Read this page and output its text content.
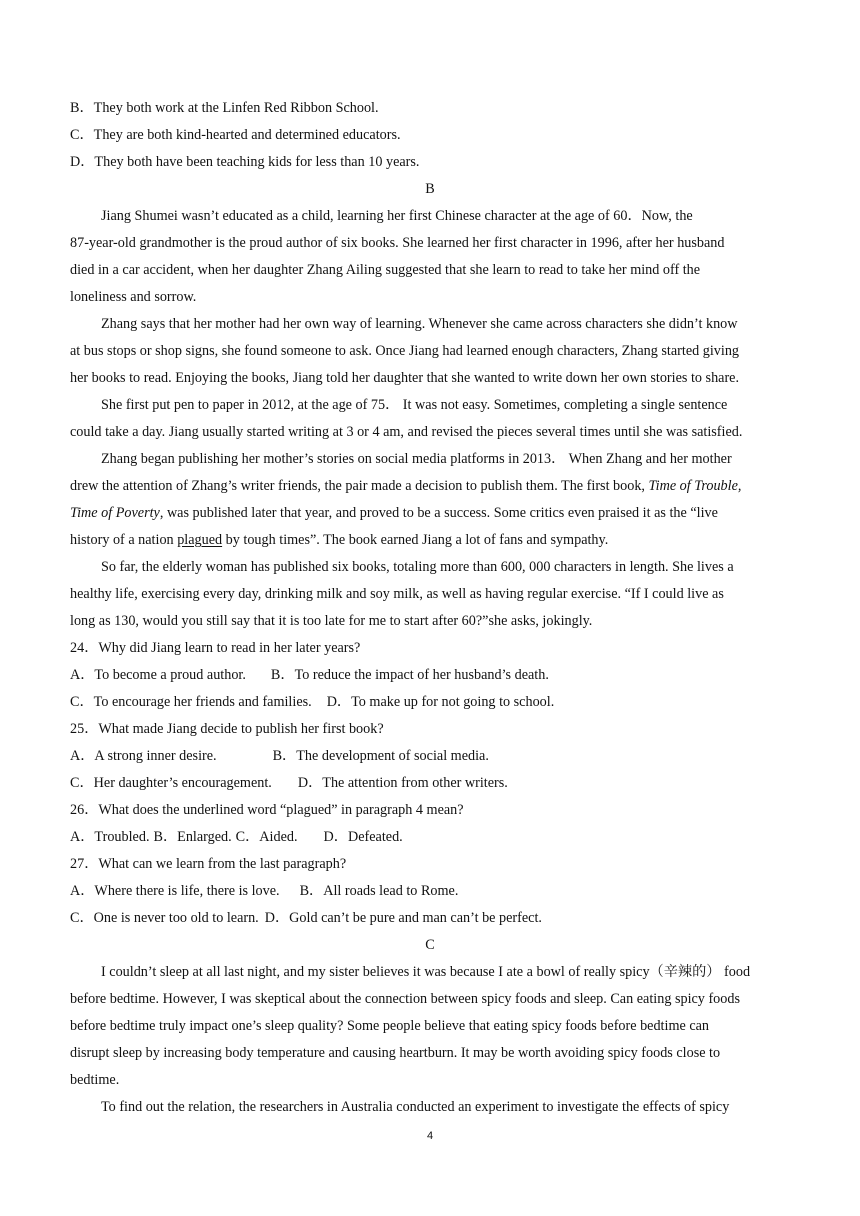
B．They both work at the Linfen Red Ribbon School.
C．They are both kind-hearted and determined educators.
D．They both have been teaching kids for less than 10 years.
B
Jiang Shumei wasn’t educated as a child, learning her first Chinese character at the age of 60．Now, the
87-year-old grandmother is the proud author of six books. She learned her first character in 1996, after her husband
died in a car accident, when her daughter Zhang Ailing suggested that she learn to read to take her mind off the
loneliness and sorrow.
Zhang says that her mother had her own way of learning. Whenever she came across characters she didn’t know
at bus stops or shop signs, she found someone to ask. Once Jiang had learned enough characters, Zhang started giving
her books to read. Enjoying the books, Jiang told her daughter that she wanted to write down her own stories to share.
She first put pen to paper in 2012, at the age of 75． It was not easy. Sometimes, completing a single sentence
could take a day. Jiang usually started writing at 3 or 4 am, and revised the pieces several times until she was satisfied.
Zhang began publishing her mother’s stories on social media platforms in 2013． When Zhang and her mother
drew the attention of Zhang’s writer friends, the pair made a decision to publish them. The first book, Time of Trouble,
Time of Poverty, was published later that year, and proved to be a success. Some critics even praised it as the “live
history of a nation plagued by tough times”. The book earned Jiang a lot of fans and sympathy.
So far, the elderly woman has published six books, totaling more than 600, 000 characters in length. She lives a
healthy life, exercising every day, drinking milk and soy milk, as well as having regular exercise. “If I could live as
long as 130, would you still say that it is too late for me to start after 60?”she asks, jokingly.
24．Why did Jiang learn to read in her later years?
A．To become a proud author. B．To reduce the impact of her husband’s death.
C．To encourage her friends and families. D．To make up for not going to school.
25．What made Jiang decide to publish her first book?
A．A strong inner desire.	B．The development of social media.
C．Her daughter’s encouragement. D．The attention from other writers.
26．What does the underlined word “plagued” in paragraph 4 mean?
A．Troubled. B．Enlarged. C．Aided. D．Defeated.
27．What can we learn from the last paragraph?
A．Where there is life, there is love. B．All roads lead to Rome.
C．One is never too old to learn. D．Gold can’t be pure and man can’t be perfect.
C
I couldn’t sleep at all last night, and my sister believes it was because I ate a bowl of really spicy（辛辣的） food
before bedtime. However, I was skeptical about the connection between spicy foods and sleep. Can eating spicy foods
before bedtime truly impact one’s sleep quality? Some people believe that eating spicy foods before bedtime can
disrupt sleep by increasing body temperature and causing heartburn. It may be worth avoiding spicy foods close to
bedtime.
To find out the relation, the researchers in Australia conducted an experiment to investigate the effects of spicy
4
